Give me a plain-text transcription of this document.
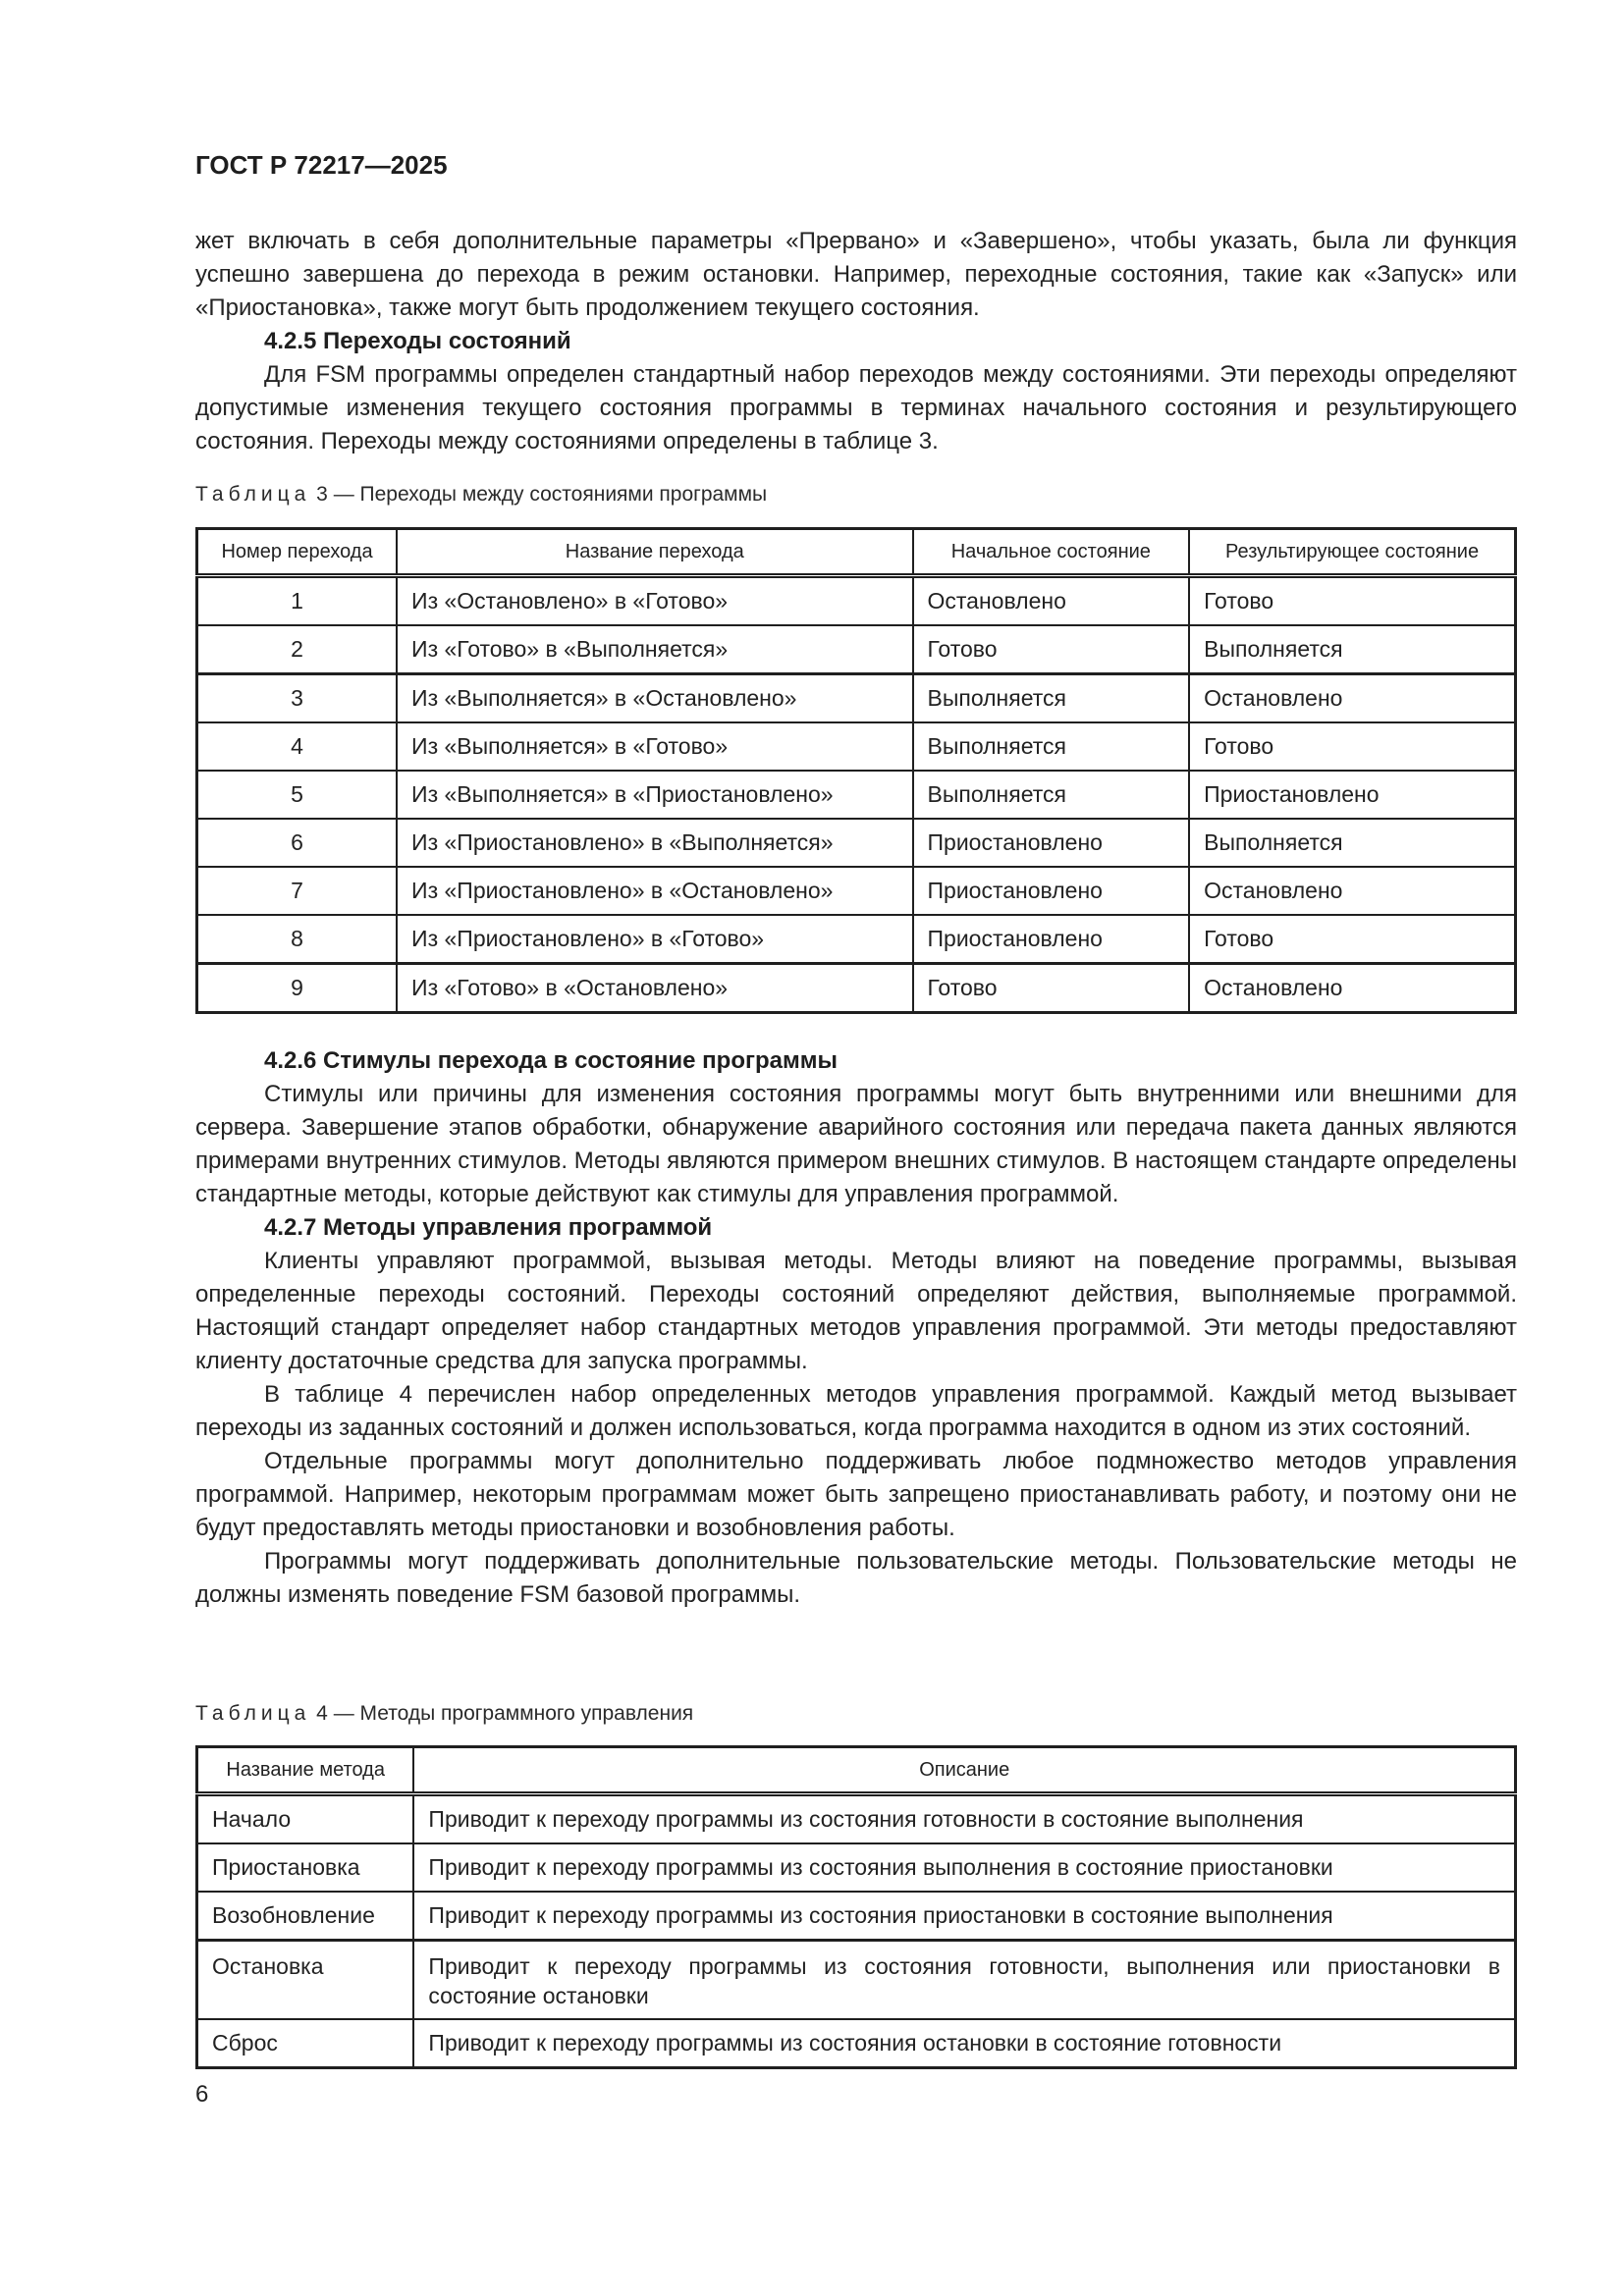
ГОСТ Р 72217—2025

жет включать в себя дополнительные параметры «Прервано» и «Завершено», чтобы указать, была ли функция успешно завершена до перехода в режим остановки. Например, переходные состояния, такие как «Запуск» или «Приостановка», также могут быть продолжением текущего состояния.

4.2.5 Переходы состояний

Для FSM программы определен стандартный набор переходов между состояниями. Эти переходы определяют допустимые изменения текущего состояния программы в терминах начального состояния и результирующего состояния. Переходы между состояниями определены в таблице 3.

Таблица 3 — Переходы между состояниями программы
Номер перехода	Название перехода	Начальное состояние	Результирующее состояние
1	Из «Остановлено» в «Готово»	Остановлено	Готово
2	Из «Готово» в «Выполняется»	Готово	Выполняется
3	Из «Выполняется» в «Остановлено»	Выполняется	Остановлено
4	Из «Выполняется» в «Готово»	Выполняется	Готово
5	Из «Выполняется» в «Приостановлено»	Выполняется	Приостановлено
6	Из «Приостановлено» в «Выполняется»	Приостановлено	Выполняется
7	Из «Приостановлено» в «Остановлено»	Приостановлено	Остановлено
8	Из «Приостановлено» в «Готово»	Приостановлено	Готово
9	Из «Готово» в «Остановлено»	Готово	Остановлено
4.2.6 Стимулы перехода в состояние программы

Стимулы или причины для изменения состояния программы могут быть внутренними или внешними для сервера. Завершение этапов обработки, обнаружение аварийного состояния или передача пакета данных являются примерами внутренних стимулов. Методы являются примером внешних стимулов. В настоящем стандарте определены стандартные методы, которые действуют как стимулы для управления программой.

4.2.7 Методы управления программой

Клиенты управляют программой, вызывая методы. Методы влияют на поведение программы, вызывая определенные переходы состояний. Переходы состояний определяют действия, выполняемые программой. Настоящий стандарт определяет набор стандартных методов управления программой. Эти методы предоставляют клиенту достаточные средства для запуска программы.

В таблице 4 перечислен набор определенных методов управления программой. Каждый метод вызывает переходы из заданных состояний и должен использоваться, когда программа находится в одном из этих состояний.

Отдельные программы могут дополнительно поддерживать любое подмножество методов управления программой. Например, некоторым программам может быть запрещено приостанавливать работу, и поэтому они не будут предоставлять методы приостановки и возобновления работы.

Программы могут поддерживать дополнительные пользовательские методы. Пользовательские методы не должны изменять поведение FSM базовой программы.

Таблица 4 — Методы программного управления
Название метода	Описание
Начало	Приводит к переходу программы из состояния готовности в состояние выполнения
Приостановка	Приводит к переходу программы из состояния выполнения в состояние приостановки
Возобновление	Приводит к переходу программы из состояния приостановки в состояние выполнения
Остановка	Приводит к переходу программы из состояния готовности, выполнения или приостановки в состояние остановки
Сброс	Приводит к переходу программы из состояния остановки в состояние готовности
6
